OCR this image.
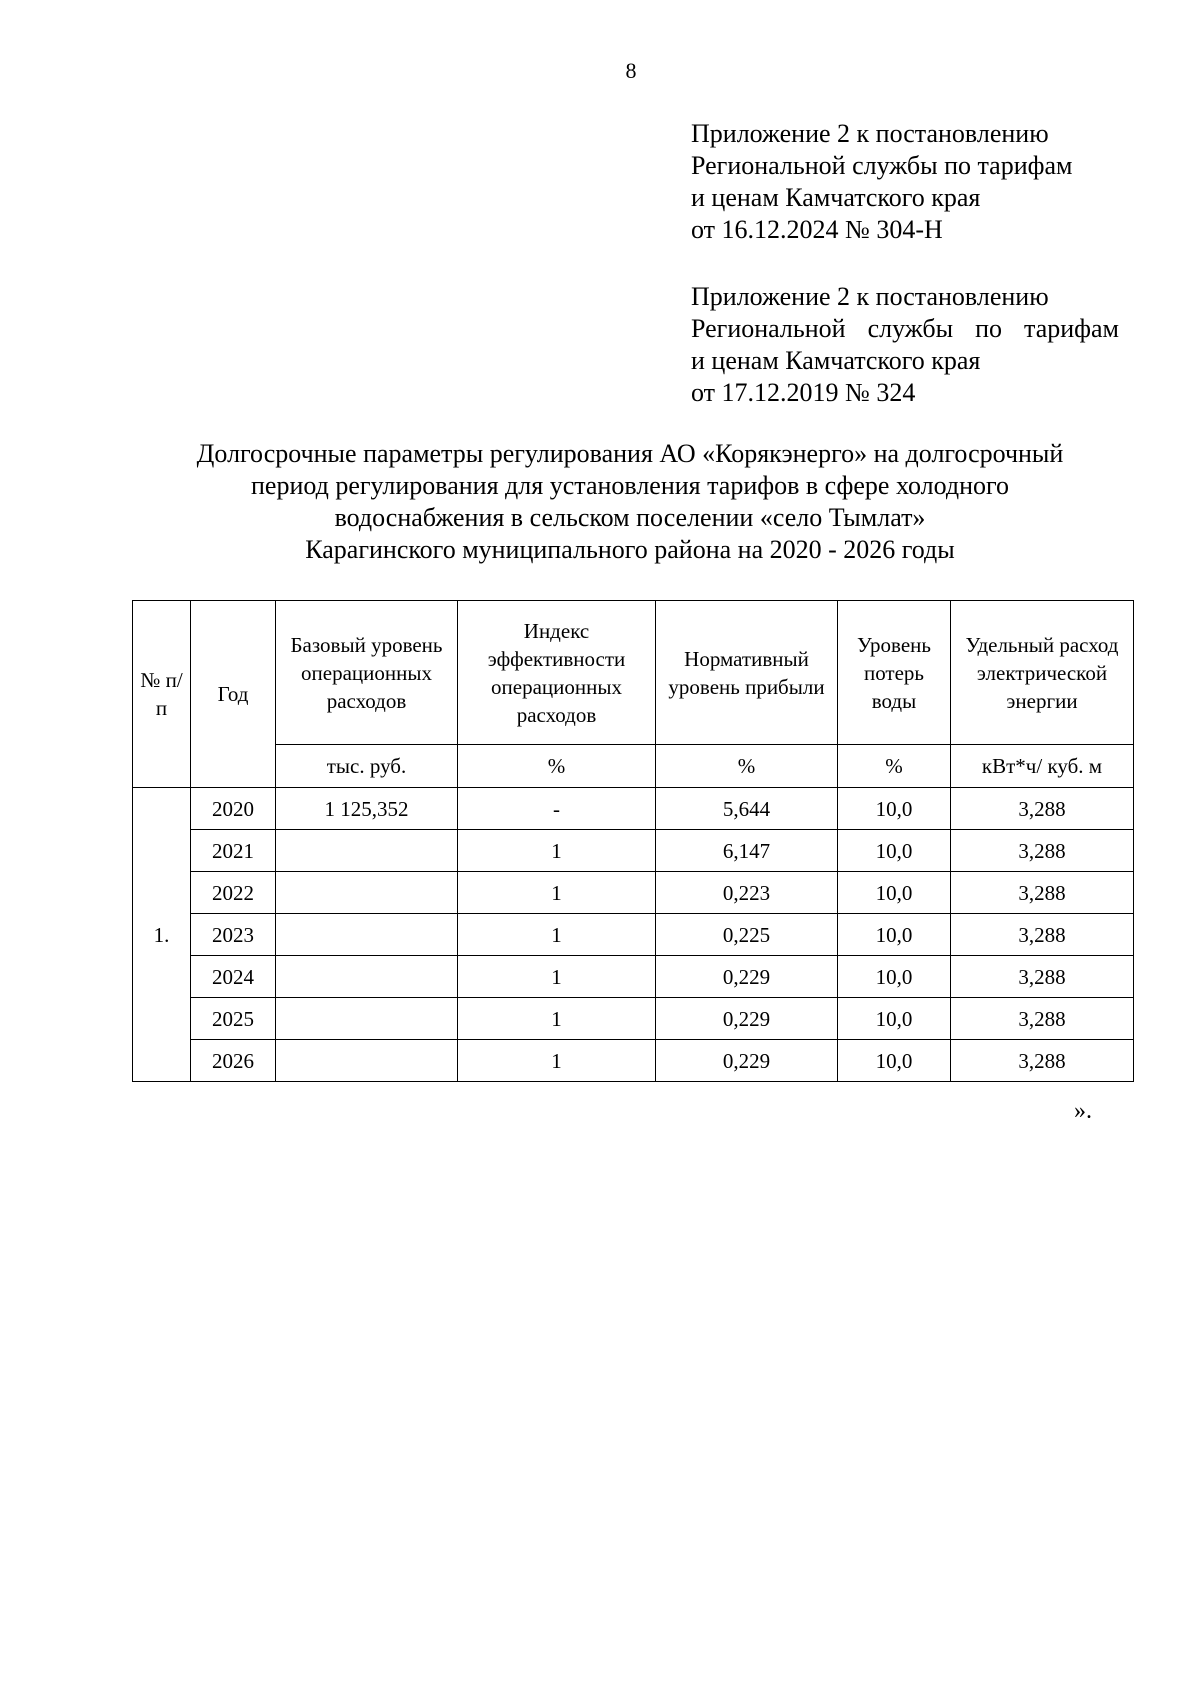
8
Приложение 2 к постановлению
Региональной службы по тарифам
и ценам Камчатского края
от 16.12.2024 № 304-Н
Приложение 2 к постановлению
Региональной службы по тарифам
и ценам Камчатского края
от 17.12.2019 № 324
Долгосрочные параметры регулирования АО «Корякэнерго» на долгосрочный
период регулирования для установления тарифов в сфере холодного
водоснабжения в сельском поселении «село Тымлат»
Карагинского муниципального района на 2020 - 2026 годы
№ п/п	Год	Базовый уровень операционных расходов	Индекс эффективности операционных расходов	Нормативный уровень прибыли	Уровень потерь воды	Удельный расход электрической энергии
		тыс. руб.	%	%	%	кВт*ч/ куб. м
1.	2020	1 125,352	-	5,644	10,0	3,288
	2021		1	6,147	10,0	3,288
	2022		1	0,223	10,0	3,288
	2023		1	0,225	10,0	3,288
	2024		1	0,229	10,0	3,288
	2025		1	0,229	10,0	3,288
	2026		1	0,229	10,0	3,288
».
